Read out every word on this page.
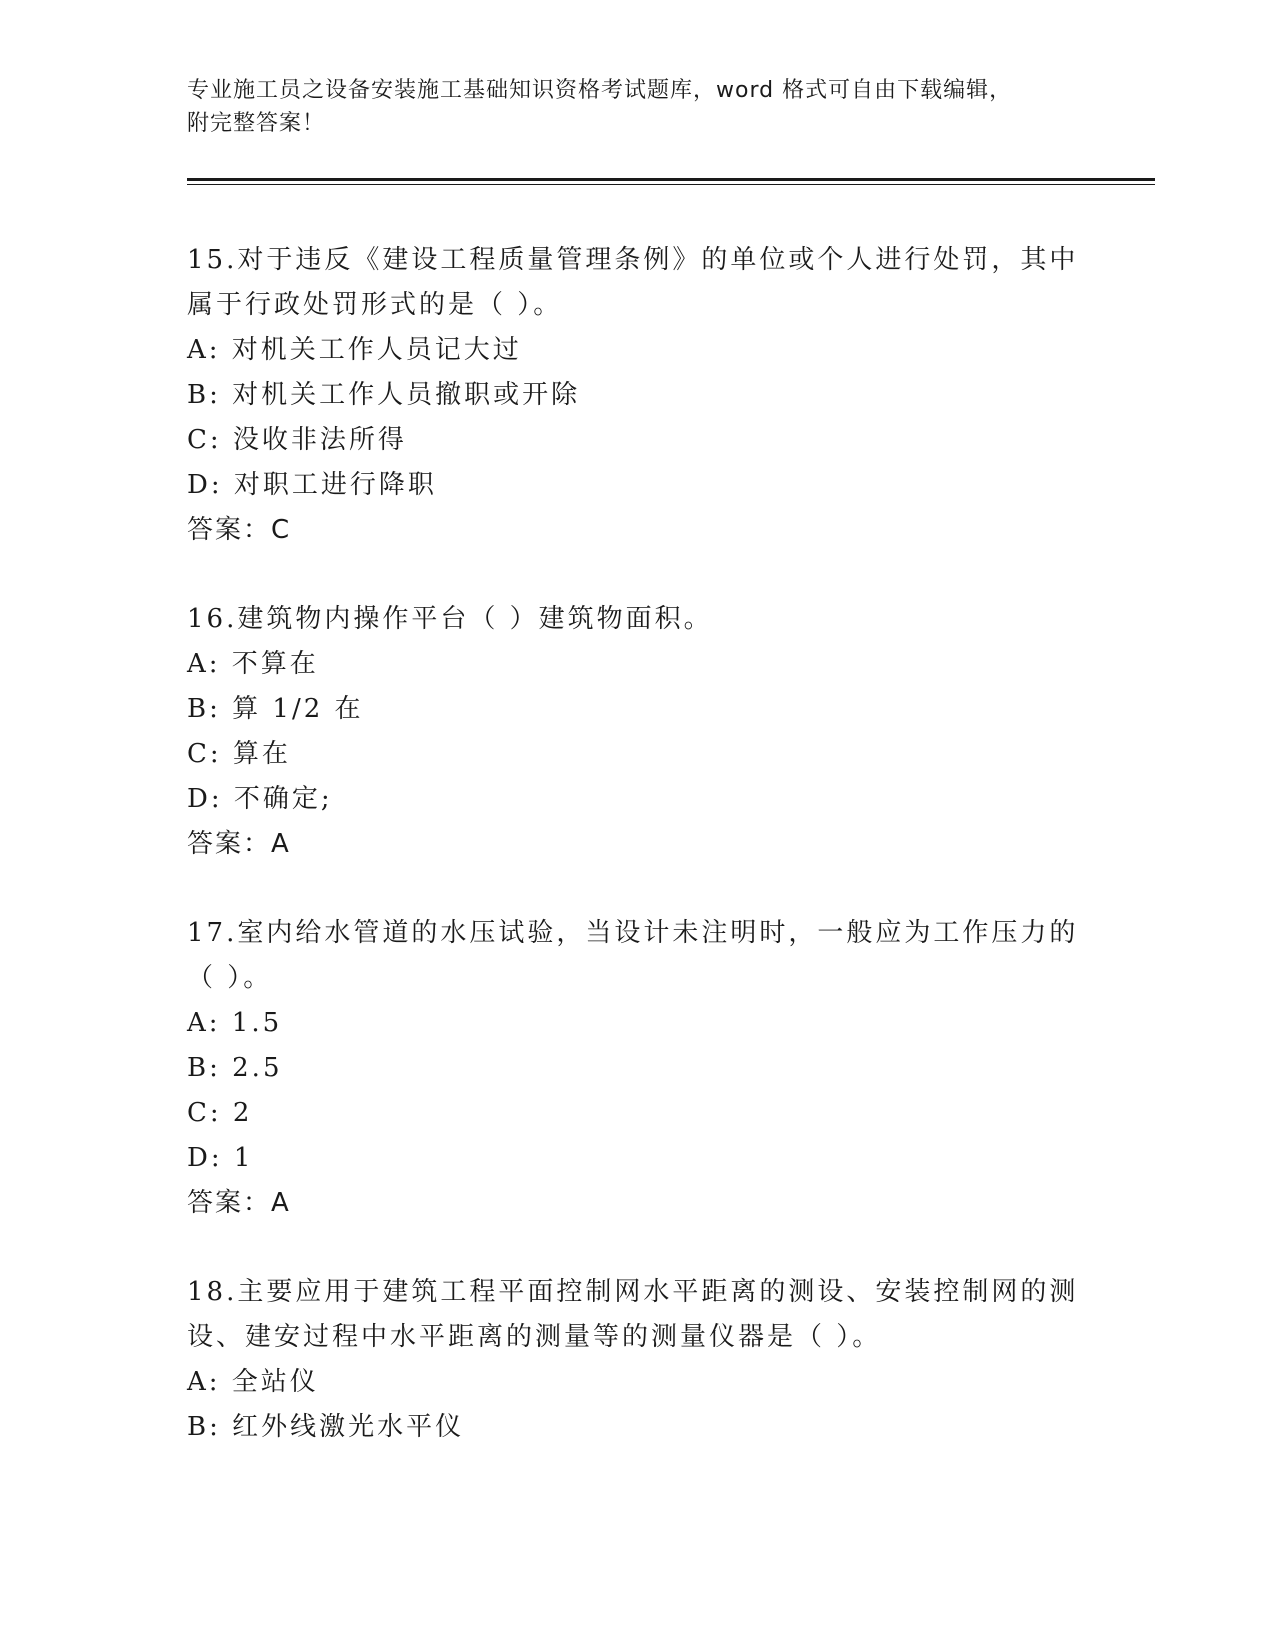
专业施工员之设备安装施工基础知识资格考试题库，word 格式可自由下载编辑，
附完整答案！
15.对于违反《建设工程质量管理条例》的单位或个人进行处罚，其中属于行政处罚形式的是（ ）。
A: 对机关工作人员记大过
B: 对机关工作人员撤职或开除
C: 没收非法所得
D: 对职工进行降职
答案：C
16.建筑物内操作平台（ ）建筑物面积。
A: 不算在
B: 算 1/2 在
C: 算在
D: 不确定;
答案：A
17.室内给水管道的水压试验，当设计未注明时，一般应为工作压力的（ ）。
A: 1.5
B: 2.5
C: 2
D: 1
答案：A
18.主要应用于建筑工程平面控制网水平距离的测设、安装控制网的测设、建安过程中水平距离的测量等的测量仪器是（ ）。
A: 全站仪
B: 红外线激光水平仪
